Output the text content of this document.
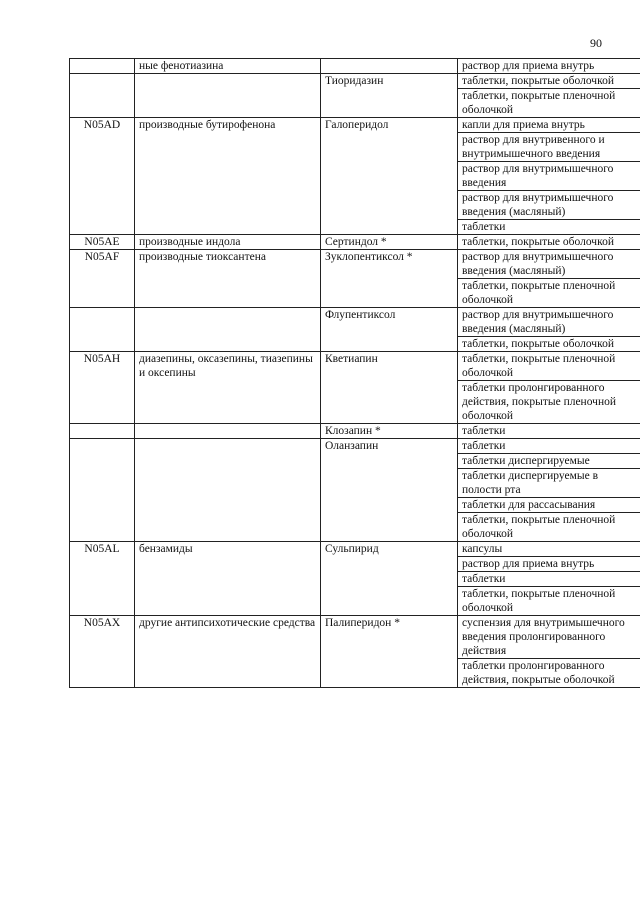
90
	ные фенотиазина		раствор для приема внутрь
		Тиоридазин	таблетки, покрытые оболочкой
			таблетки, покрытые пленочной оболочкой
N05AD	производные бутирофенона	Галоперидол	капли для приема внутрь
			раствор для внутривенного и внутримышечного введения
			раствор для внутримышечного введения
			раствор для внутримышечного введения (масляный)
			таблетки
N05AE	производные индола	Сертиндол *	таблетки, покрытые оболочкой
N05AF	производные тиоксантена	Зуклопентиксол *	раствор для внутримышечного введения (масляный)
			таблетки, покрытые пленочной оболочкой
		Флупентиксол	раствор для внутримышечного введения (масляный)
			таблетки, покрытые оболочкой
N05AH	диазепины, оксазепины, тиазепины и оксепины	Кветиапин	таблетки, покрытые пленочной оболочкой
			таблетки пролонгированного действия, покрытые пленочной оболочкой
		Клозапин *	таблетки
		Оланзапин	таблетки
			таблетки диспергируемые
			таблетки диспергируемые в полости рта
			таблетки для рассасывания
			таблетки, покрытые пленочной оболочкой
N05AL	бензамиды	Сульпирид	капсулы
			раствор для приема внутрь
			таблетки
			таблетки, покрытые пленочной оболочкой
N05AX	другие антипсихотические средства	Палиперидон *	суспензия для внутримышечного введения пролонгированного действия
			таблетки пролонгированного действия, покрытые оболочкой
